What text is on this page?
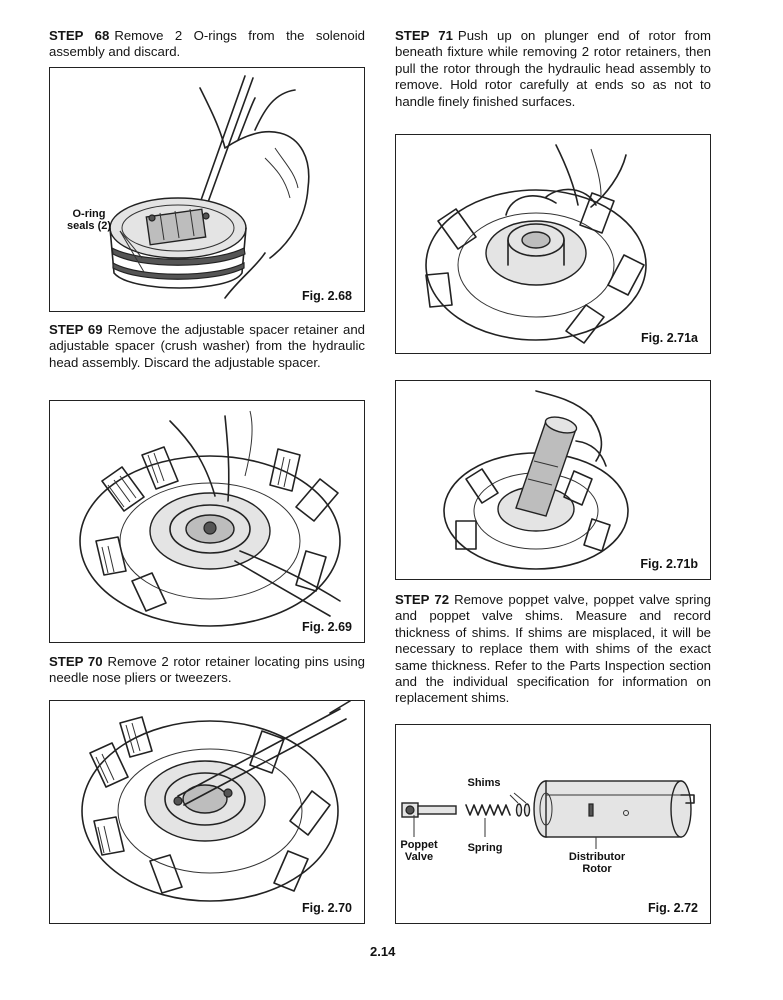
STEP 68 Remove 2 O-rings from the solenoid assembly and discard.
O-ring
seals (2)
Fig. 2.68
STEP 69 Remove the adjustable spacer retainer and adjustable spacer (crush washer) from the hydraulic head assembly. Discard the adjustable spacer.
Fig. 2.69
STEP 70 Remove 2 rotor retainer locating pins using needle nose pliers or tweezers.
Fig. 2.70
STEP 71 Push up on plunger end of rotor from beneath fixture while removing 2 rotor retainers, then pull the rotor through the hydraulic head assembly to remove. Hold rotor carefully at ends so as not to handle finely finished surfaces.
Fig. 2.71a
Fig. 2.71b
STEP 72 Remove poppet valve, poppet valve spring and poppet valve shims. Measure and record thickness of shims. If shims are misplaced, it will be necessary to replace them with shims of the exact same thickness. Refer to the Parts Inspection section and the individual specification for information on replacement shims.
Shims
Poppet
Valve
Spring
Distributor
Rotor
Fig. 2.72
2.14
